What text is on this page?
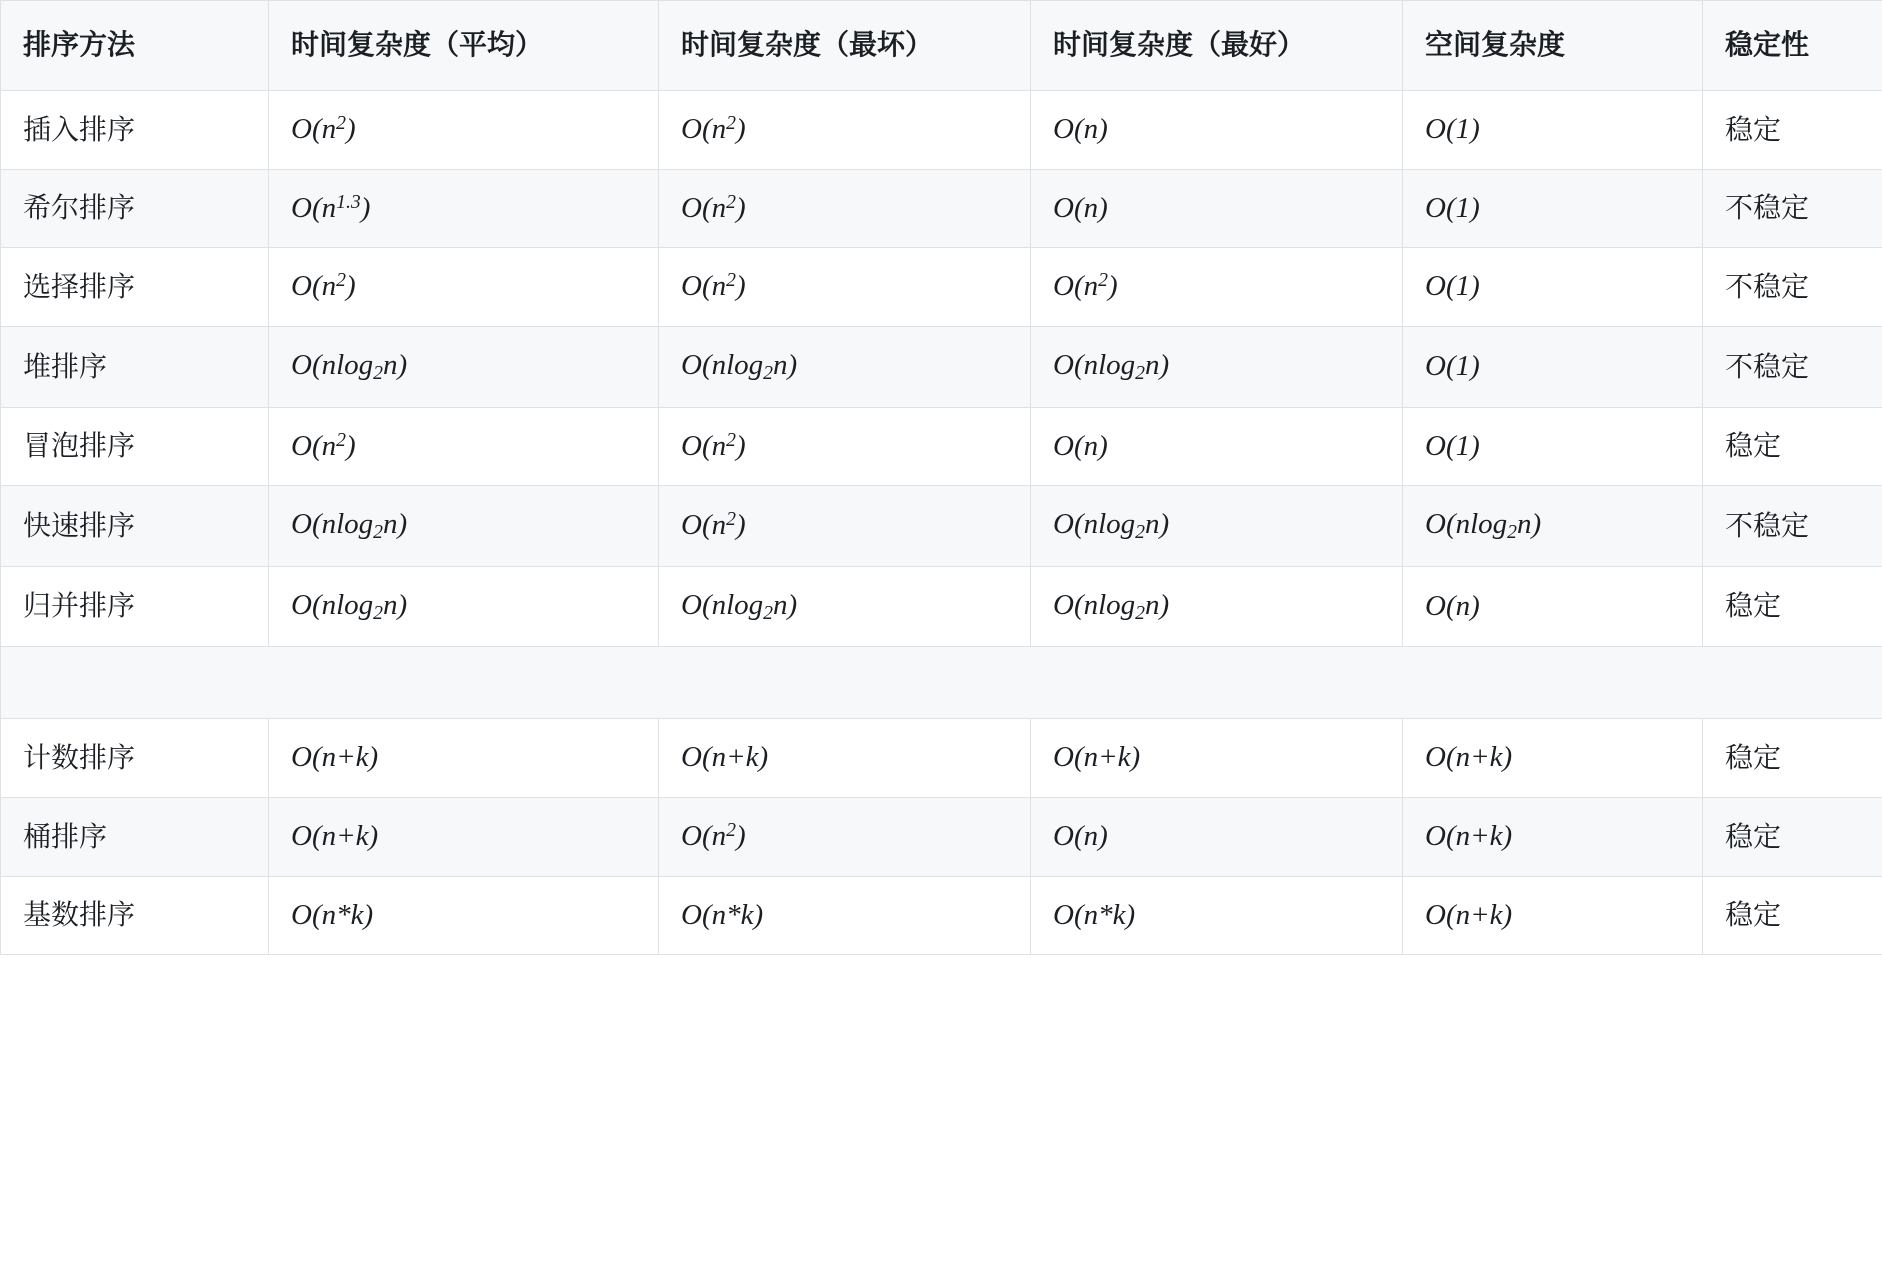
排序方法	时间复杂度（平均）	时间复杂度（最坏）	时间复杂度（最好）	空间复杂度	稳定性
插入排序	$O(n^2)$	$O(n^2)$	O(n)	O(1)	稳定
希尔排序	$O(n^{1.3})$	$O(n^2)$	O(n)	O(1)	不稳定
选择排序	$O(n^2)$	$O(n^2)$	$O(n^2)$	O(1)	不稳定
堆排序	O(nlog$_2$n)	O(nlog$_2$n)	O(nlog$_2$n)	O(1)	不稳定
冒泡排序	$O(n^2)$	$O(n^2)$	O(n)	O(1)	稳定
快速排序	O(nlog$_2$n)	$O(n^2)$	O(nlog$_2$n)	O(nlog$_2$n)	不稳定
归并排序	O(nlog$_2$n)	O(nlog$_2$n)	O(nlog$_2$n)	O(n)	稳定

计数排序	O(n+k)	O(n+k)	O(n+k)	O(n+k)	稳定
桶排序	O(n+k)	$O(n^2)$	O(n)	O(n+k)	稳定
基数排序	O(n*k)	O(n*k)	O(n*k)	O(n+k)	稳定
